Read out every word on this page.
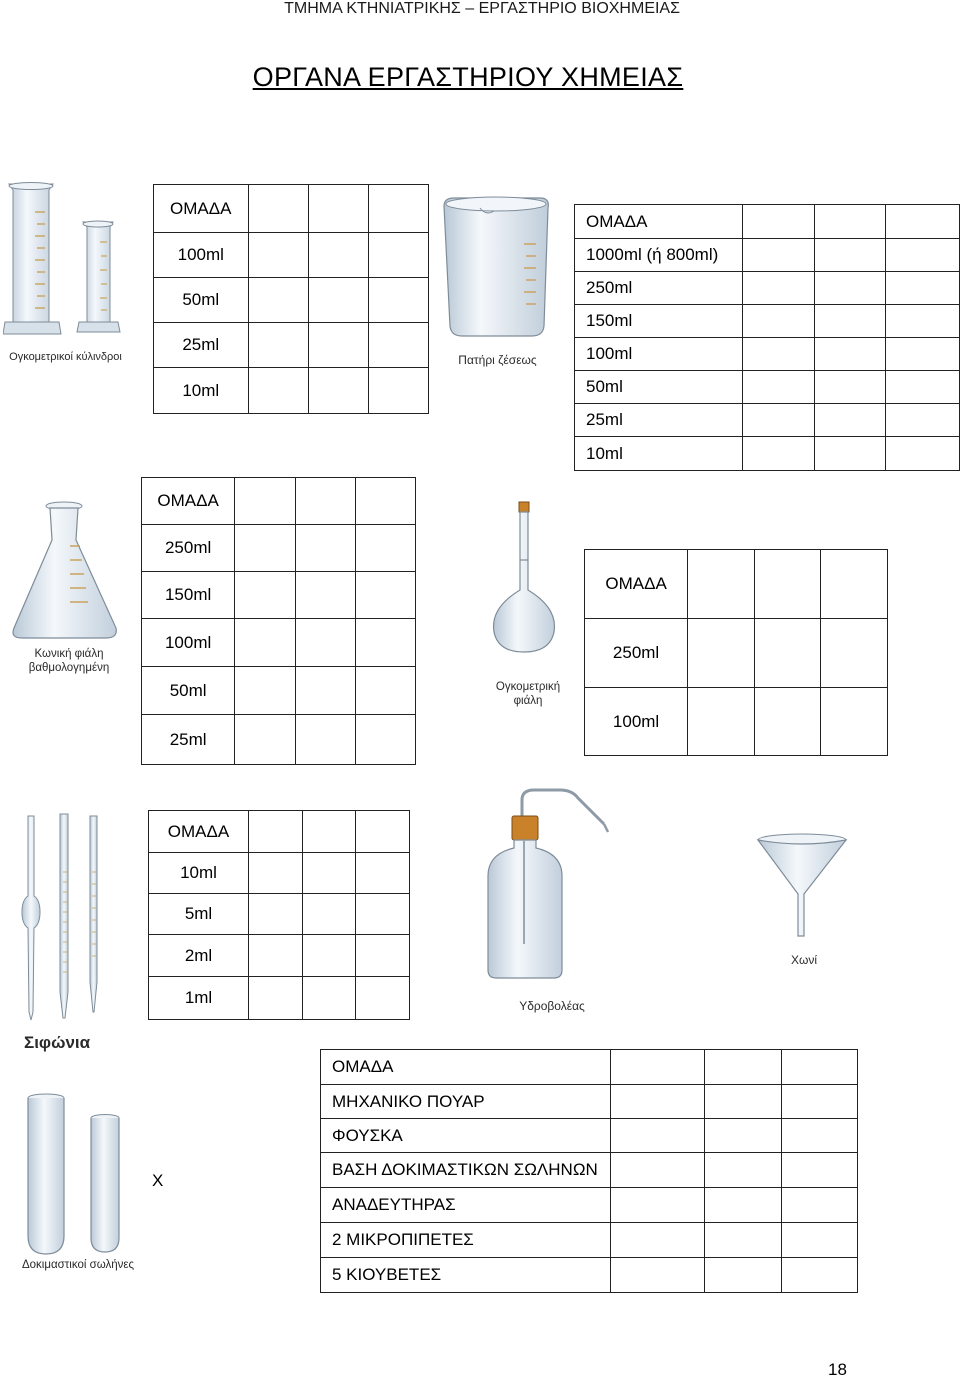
ΤΜΗΜΑ ΚΤΗΝΙΑΤΡΙΚΗΣ – ΕΡΓΑΣΤΗΡΙΟ ΒΙΟΧΗΜΕΙΑΣ
ΟΡΓΑΝΑ ΕΡΓΑΣΤΗΡΙΟΥ ΧΗΜΕΙΑΣ
ΟΜΑΔΑ			
100ml			
50ml			
25ml			
10ml			
ΟΜΑΔΑ			
1000ml (ή 800ml)			
250ml			
150ml			
100ml			
50ml			
25ml			
10ml			
ΟΜΑΔΑ			
250ml			
150ml			
100ml			
50ml			
25ml			
ΟΜΑΔΑ			
250ml			
100ml			
ΟΜΑΔΑ			
10ml			
5ml			
2ml			
1ml			
ΟΜΑΔΑ			
ΜΗΧΑΝΙΚΟ ΠΟΥΑΡ			
ΦΟΥΣΚΑ			
ΒΑΣΗ ΔΟΚΙΜΑΣΤΙΚΩΝ ΣΩΛΗΝΩΝ			
ΑΝΑΔΕΥΤΗΡΑΣ			
2 ΜΙΚΡΟΠΙΠΕΤΕΣ			
5 ΚΙΟΥΒΕΤΕΣ			
Χ
Ογκομετρικοί κύλινδροι	Πατήρι ζέσεως
Κωνική φιάλη
βαθμολογημένη
Ογκομετρική
φιάλη
Σιφώνια
Υδροβολέας
Χωνί
Δοκιμαστικοί σωλήνες
18
